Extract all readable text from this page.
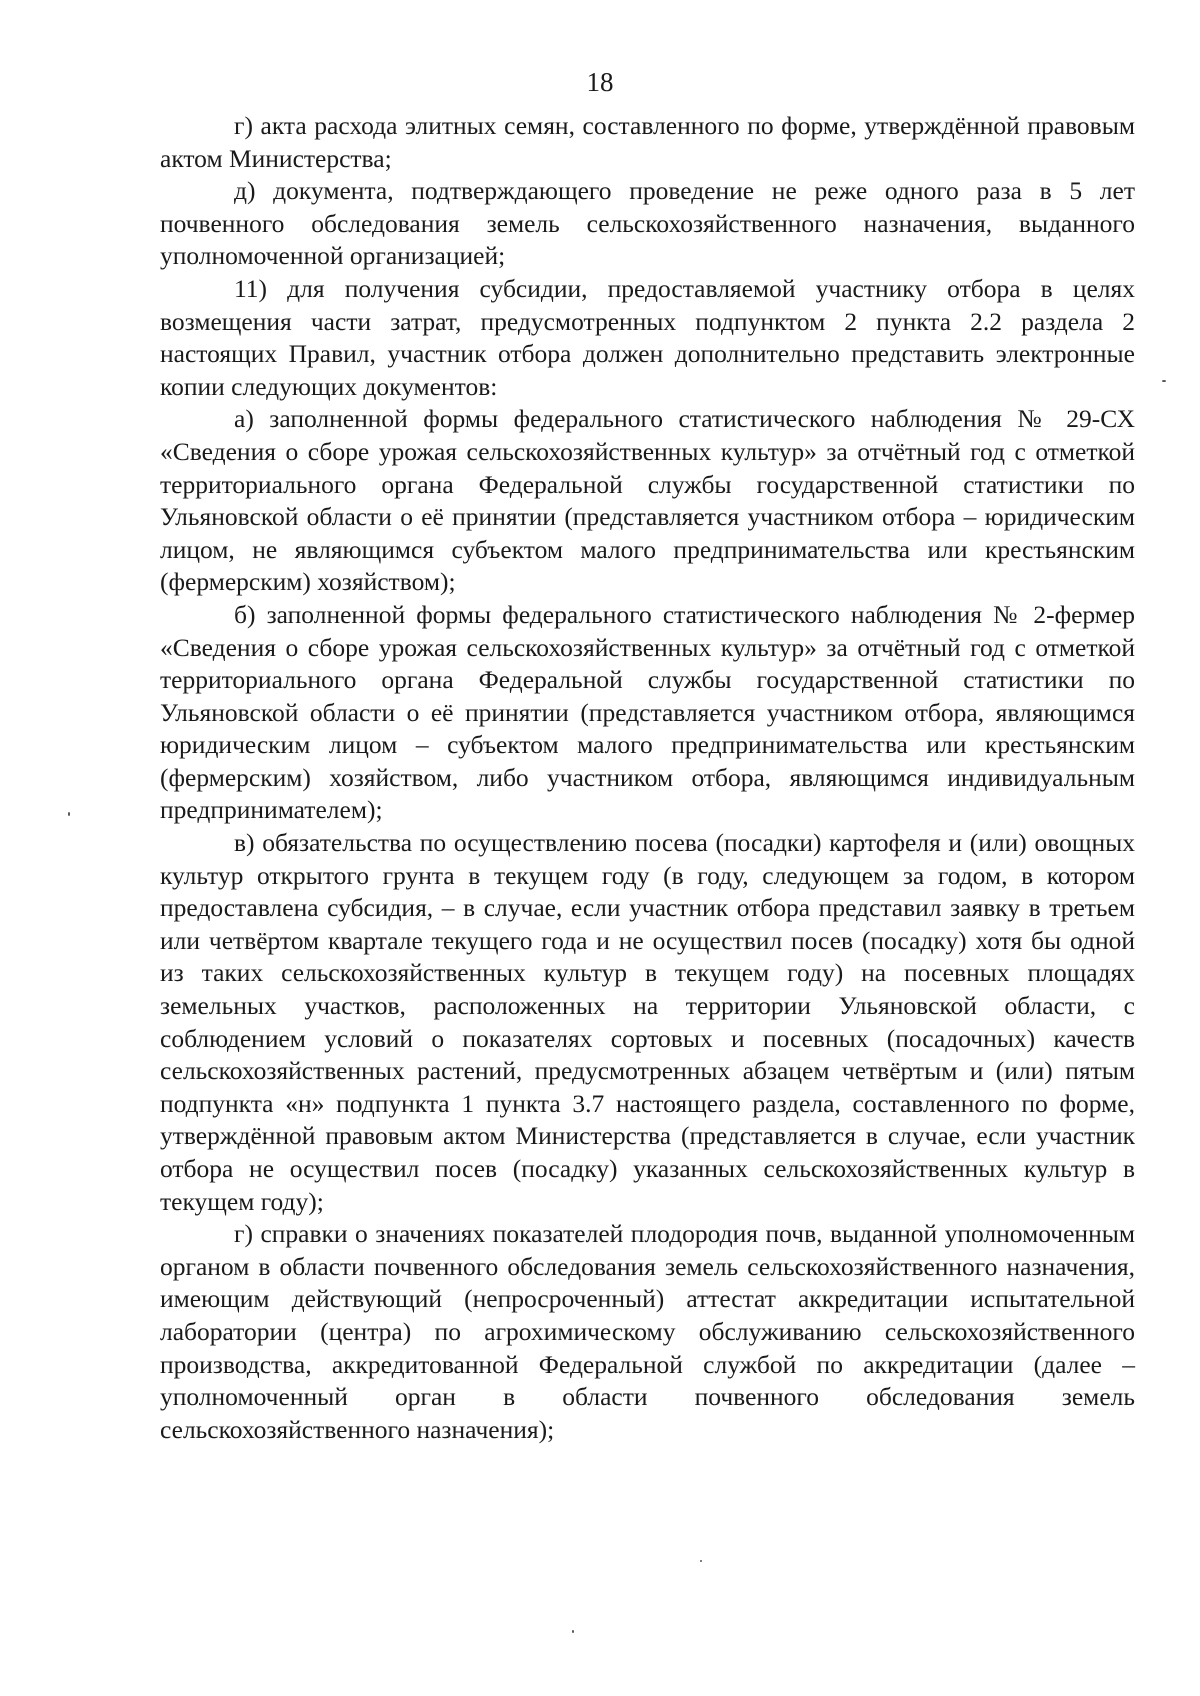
18

г) акта расхода элитных семян, составленного по форме, утверждённой правовым актом Министерства;

д) документа, подтверждающего проведение не реже одного раза в 5 лет почвенного обследования земель сельскохозяйственного назначения, выданного уполномоченной организацией;

11) для получения субсидии, предоставляемой участнику отбора в целях возмещения части затрат, предусмотренных подпунктом 2 пункта 2.2 раздела 2 настоящих Правил, участник отбора должен дополнительно представить электронные копии следующих документов:

а) заполненной формы федерального статистического наблюдения № 29-СХ «Сведения о сборе урожая сельскохозяйственных культур» за отчётный год с отметкой территориального органа Федеральной службы государственной статистики по Ульяновской области о её принятии (представляется участником отбора – юридическим лицом, не являющимся субъектом малого предпринимательства или крестьянским (фермерским) хозяйством);

б) заполненной формы федерального статистического наблюдения № 2-фермер «Сведения о сборе урожая сельскохозяйственных культур» за отчётный год с отметкой территориального органа Федеральной службы государственной статистики по Ульяновской области о её принятии (представляется участником отбора, являющимся юридическим лицом – субъектом малого предпринимательства или крестьянским (фермерским) хозяйством, либо участником отбора, являющимся индивидуальным предпринимателем);

в) обязательства по осуществлению посева (посадки) картофеля и (или) овощных культур открытого грунта в текущем году (в году, следующем за годом, в котором предоставлена субсидия, – в случае, если участник отбора представил заявку в третьем или четвёртом квартале текущего года и не осуществил посев (посадку) хотя бы одной из таких сельскохозяйственных культур в текущем году) на посевных площадях земельных участков, расположенных на территории Ульяновской области, с соблюдением условий о показателях сортовых и посевных (посадочных) качеств сельскохозяйственных растений, предусмотренных абзацем четвёртым и (или) пятым подпункта «н» подпункта 1 пункта 3.7 настоящего раздела, составленного по форме, утверждённой правовым актом Министерства (представляется в случае, если участник отбора не осуществил посев (посадку) указанных сельскохозяйственных культур в текущем году);

г) справки о значениях показателей плодородия почв, выданной уполномоченным органом в области почвенного обследования земель сельскохозяйственного назначения, имеющим действующий (непросроченный) аттестат аккредитации испытательной лаборатории (центра) по агрохимическому обслуживанию сельскохозяйственного производства, аккредитованной Федеральной службой по аккредитации (далее – уполномоченный орган в области почвенного обследования земель сельскохозяйственного назначения);
